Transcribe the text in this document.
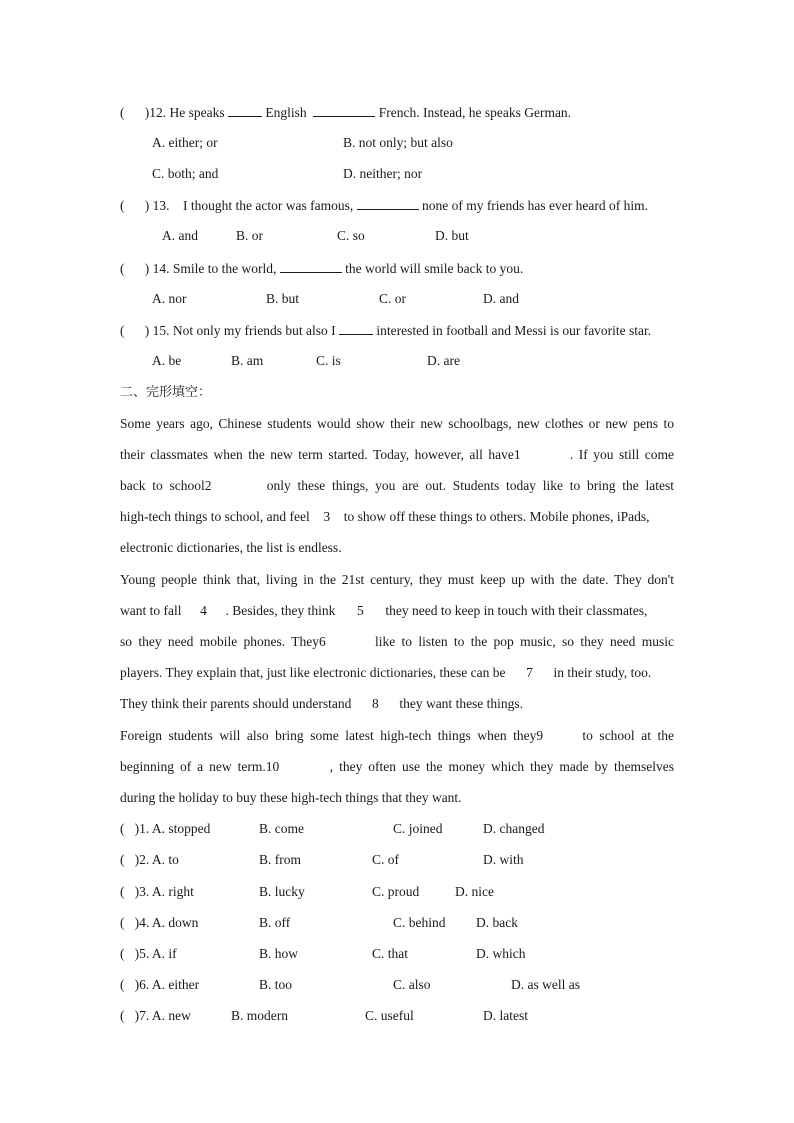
(      )12. He speaks	English	French. Instead, he speaks German.
A. either; or	B. not only; but also
C. both; and	D. neither; nor
(      ) 13.    I thought the actor was famous,	none of my friends has ever heard of him.
A. and	B. or	C. so	D. but
(      ) 14. Smile to the world,	the world will smile back to you.
A. nor	B. but	C. or	D. and
(      ) 15. Not only my friends but also I	interested in football and Messi is our favorite star.
A. be	B. am	C. is	D. are
二、完形填空：
Some years ago, Chinese students would show their new schoolbags, new clothes or new pens to
their classmates when the new term started. Today, however, all have1	. If you still come
back to school2	only these things, you are out. Students today like to bring the latest
high-tech things to school, and feel 3 to show off these things to others. Mobile phones, iPads,
electronic dictionaries, the list is endless.
Young people think that, living in the 21st century, they must keep up with the date. They don't
want to fall 4 . Besides, they think 5 they need to keep in touch with their classmates,
so they need mobile phones. They6	like to listen to the pop music, so they need music
players. They explain that, just like electronic dictionaries, these can be 7 in their study, too.
They think their parents should understand 8 they want these things.
Foreign students will also bring some latest high-tech things when they9	to school at the
beginning of a new term.10	, they often use the money which they made by themselves
during the holiday to buy these high-tech things that they want.
(   )1. A. stopped	B. come	C. joined	D. changed
(   )2. A. to	B. from	C. of	D. with
(   )3. A. right	B. lucky	C. proud	D. nice
(   )4. A. down	B. off	C. behind D. back
(   )5. A. if	B. how	C. that	D. which
(   )6. A. either	B. too	C. also	D. as well as
(   )7. A. new	B. modern	C. useful	D. latest
